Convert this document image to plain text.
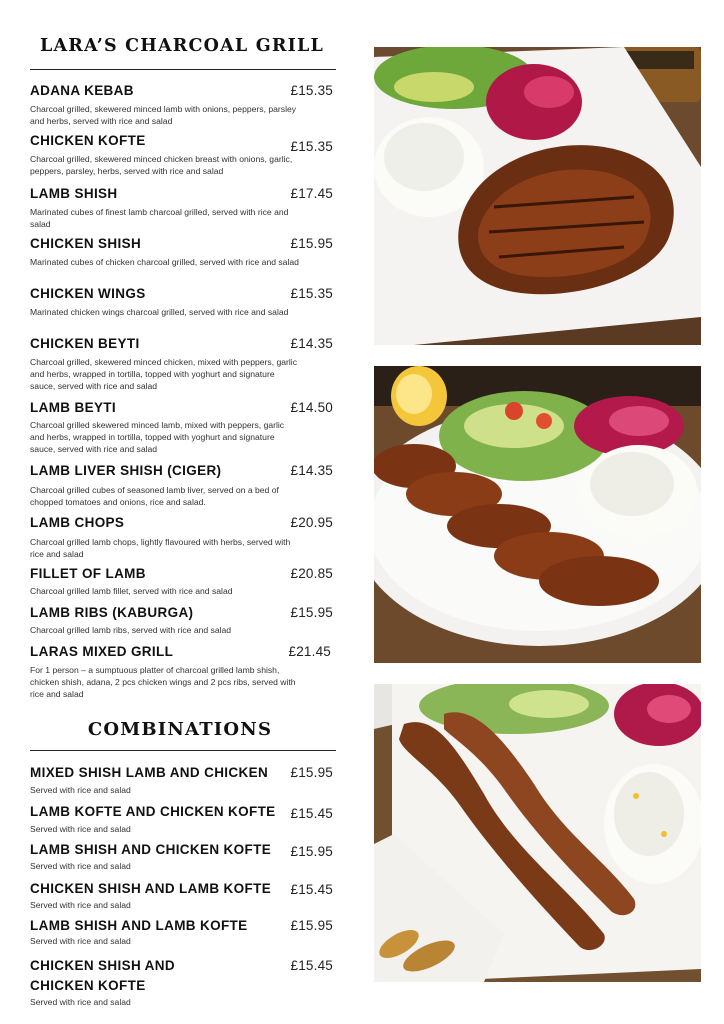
LARA’S CHARCOAL GRILL
ADANA KEBAB	£15.35
Charcoal grilled, skewered minced lamb with onions, peppers, parsley and herbs, served with rice and salad
CHICKEN KOFTE	£15.35
Charcoal grilled, skewered minced chicken breast with onions, garlic, peppers, parsley, herbs, served with rice and salad
LAMB SHISH	£17.45
Marinated cubes of finest lamb charcoal grilled, served with rice and salad
CHICKEN SHISH	£15.95
Marinated cubes of chicken charcoal grilled, served with rice and salad
CHICKEN WINGS	£15.35
Marinated chicken wings charcoal grilled, served with rice and salad
CHICKEN BEYTI	£14.35
Charcoal grilled, skewered minced chicken, mixed with peppers, garlic and herbs, wrapped in tortilla, topped with yoghurt and signature sauce, served with rice and salad
LAMB BEYTI	£14.50
Charcoal grilled skewered minced lamb, mixed with peppers, garlic and herbs, wrapped in tortilla, topped with yoghurt and signature sauce, served with rice and salad
LAMB LIVER SHISH (CIGER)	£14.35
Charcoal grilled cubes of seasoned lamb liver, served on a bed of chopped tomatoes and onions, rice and salad.
LAMB CHOPS	£20.95
Charcoal grilled lamb chops, lightly flavoured with herbs, served with rice and salad
FILLET OF LAMB	£20.85
Charcoal grilled lamb fillet, served with rice and salad
LAMB RIBS (KABURGA)	£15.95
Charcoal grilled lamb ribs, served with rice and salad
LARAS MIXED GRILL	£21.45
For 1 person – a sumptuous platter of charcoal grilled lamb shish, chicken shish, adana, 2 pcs chicken wings and 2 pcs ribs, served with rice and salad
COMBINATIONS
MIXED SHISH LAMB AND CHICKEN	£15.95
Served with rice and salad
LAMB KOFTE AND CHICKEN KOFTE	£15.45
Served with rice and salad
LAMB SHISH AND CHICKEN KOFTE	£15.95
Served with rice and salad
CHICKEN SHISH AND LAMB KOFTE	£15.45
Served with rice and salad
LAMB SHISH AND LAMB KOFTE	£15.95
Served with rice and salad
CHICKEN SHISH AND CHICKEN KOFTE
£15.45
Served with rice and salad
